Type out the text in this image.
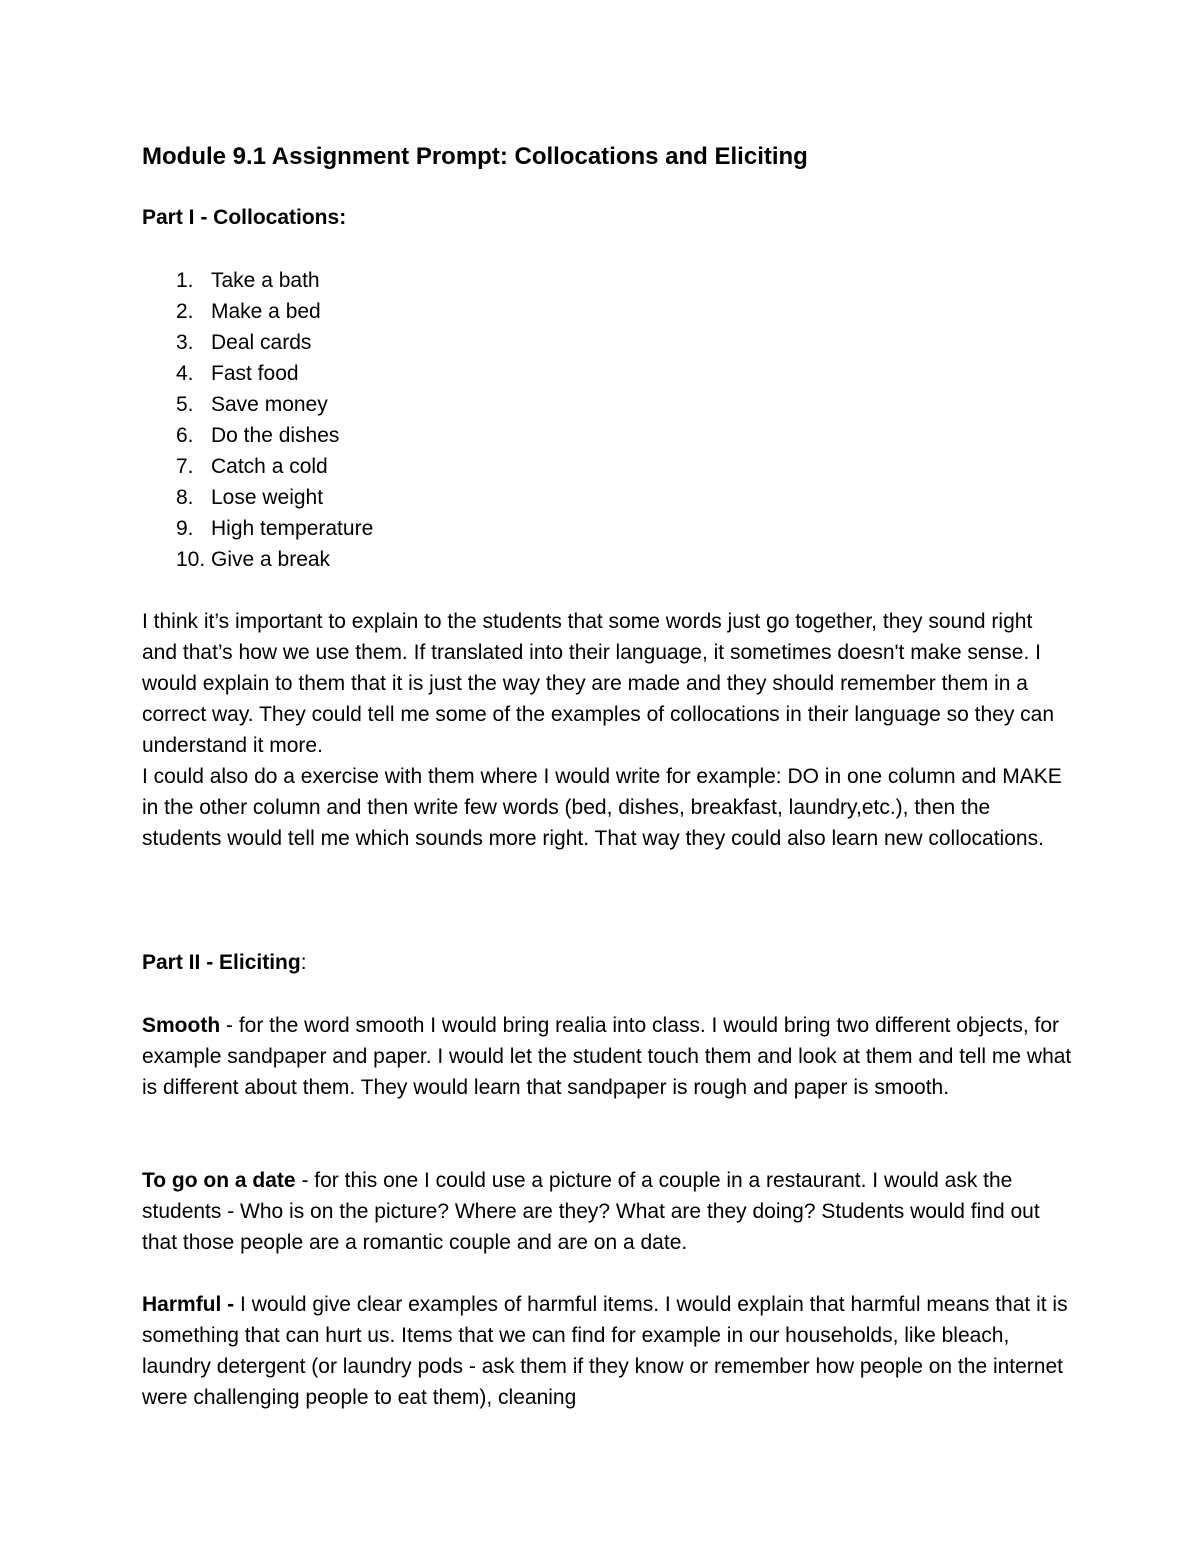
Module 9.1 Assignment Prompt: Collocations and Eliciting
Part I - Collocations:
1. Take a bath
2. Make a bed
3. Deal cards
4. Fast food
5. Save money
6. Do the dishes
7. Catch a cold
8. Lose weight
9. High temperature
10. Give a break

I think it’s important to explain to the students that some words just go together, they sound right and that’s how we use them. If translated into their language, it sometimes doesn't make sense. I would explain to them that it is just the way they are made and they should remember them in a correct way. They could tell me some of the examples of collocations in their language so they can understand it more.

I could also do a exercise with them where I would write for example: DO in one column and MAKE in the other column and then write few words (bed, dishes, breakfast, laundry,etc.), then the students would tell me which sounds more right. That way they could also learn new collocations.

Part II - Eliciting:

Smooth - for the word smooth I would bring realia into class. I would bring two different objects, for example sandpaper and paper. I would let the student touch them and look at them and tell me what is different about them. They would learn that sandpaper is rough and paper is smooth.

To go on a date - for this one I could use a picture of a couple in a restaurant. I would ask the students - Who is on the picture? Where are they? What are they doing? Students would find out that those people are a romantic couple and are on a date.

Harmful - I would give clear examples of harmful items. I would explain that harmful means that it is something that can hurt us. Items that we can find for example in our households, like bleach, laundry detergent (or laundry pods - ask them if they know or remember how people on the internet were challenging people to eat them), cleaning
